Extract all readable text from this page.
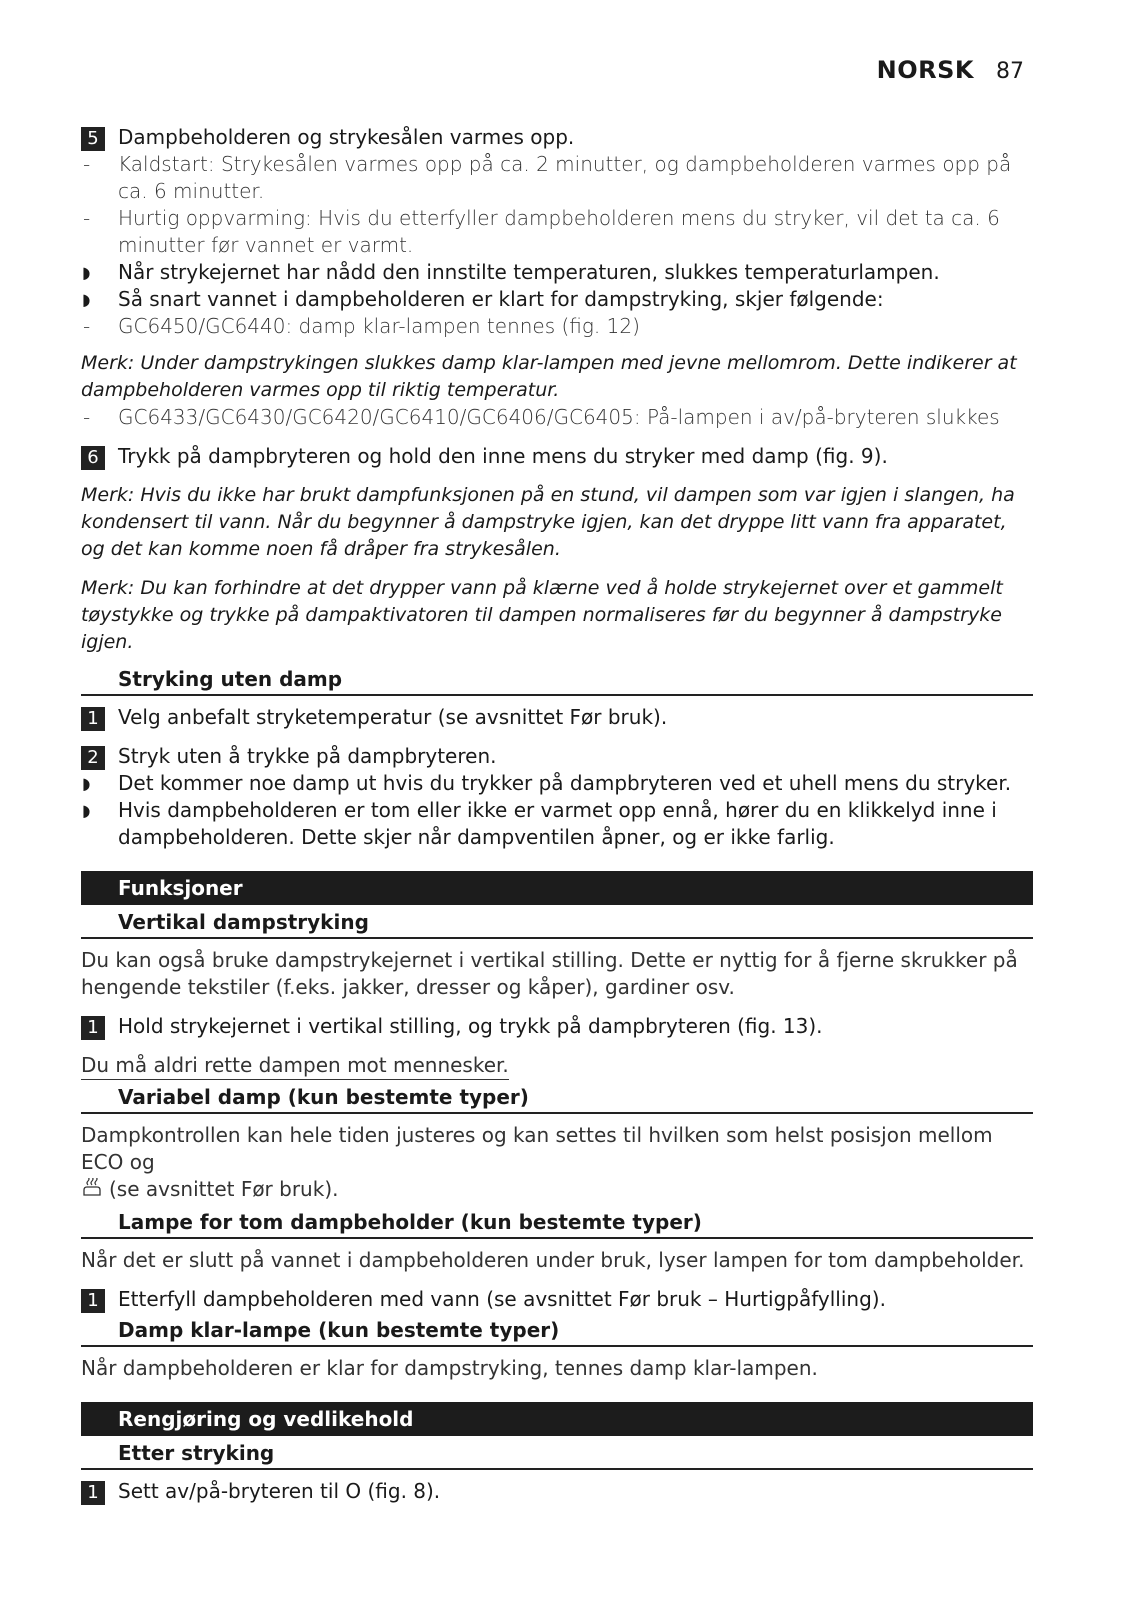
NORSK 87
5 Dampbeholderen og strykesålen varmes opp.
-	Kaldstart: Strykesålen varmes opp på ca. 2 minutter, og dampbeholderen varmes opp på ca. 6 minutter.
-	Hurtig oppvarming: Hvis du etterfyller dampbeholderen mens du stryker, vil det ta ca. 6 minutter før vannet er varmt.
◗	Når strykejernet har nådd den innstilte temperaturen, slukkes temperaturlampen.
◗	Så snart vannet i dampbeholderen er klart for dampstryking, skjer følgende:
-	GC6450/GC6440: damp klar-lampen tennes (fig. 12)
Merk: Under dampstrykingen slukkes damp klar-lampen med jevne mellomrom. Dette indikerer at dampbeholderen varmes opp til riktig temperatur.
-	GC6433/GC6430/GC6420/GC6410/GC6406/GC6405: På-lampen i av/på-bryteren slukkes
6 Trykk på dampbryteren og hold den inne mens du stryker med damp (fig. 9).
Merk: Hvis du ikke har brukt dampfunksjonen på en stund, vil dampen som var igjen i slangen, ha kondensert til vann. Når du begynner å dampstryke igjen, kan det dryppe litt vann fra apparatet, og det kan komme noen få dråper fra strykesålen.
Merk: Du kan forhindre at det drypper vann på klærne ved å holde strykejernet over et gammelt tøystykke og trykke på dampaktivatoren til dampen normaliseres før du begynner å dampstryke igjen.
Stryking uten damp
1 Velg anbefalt stryketemperatur (se avsnittet Før bruk).
2 Stryk uten å trykke på dampbryteren.
◗	Det kommer noe damp ut hvis du trykker på dampbryteren ved et uhell mens du stryker.
◗	Hvis dampbeholderen er tom eller ikke er varmet opp ennå, hører du en klikkelyd inne i dampbeholderen. Dette skjer når dampventilen åpner, og er ikke farlig.
Funksjoner
Vertikal dampstryking
Du kan også bruke dampstrykejernet i vertikal stilling. Dette er nyttig for å fjerne skrukker på hengende tekstiler (f.eks. jakker, dresser og kåper), gardiner osv.
1 Hold strykejernet i vertikal stilling, og trykk på dampbryteren (fig. 13).
Du må aldri rette dampen mot mennesker.
Variabel damp (kun bestemte typer)
Dampkontrollen kan hele tiden justeres og kan settes til hvilken som helst posisjon mellom ECO og
(se avsnittet Før bruk).
Lampe for tom dampbeholder (kun bestemte typer)
Når det er slutt på vannet i dampbeholderen under bruk, lyser lampen for tom dampbeholder.
1 Etterfyll dampbeholderen med vann (se avsnittet Før bruk – Hurtigpåfylling).
Damp klar-lampe (kun bestemte typer)
Når dampbeholderen er klar for dampstryking, tennes damp klar-lampen.
Rengjøring og vedlikehold
Etter stryking
1 Sett av/på-bryteren til O (fig. 8).
